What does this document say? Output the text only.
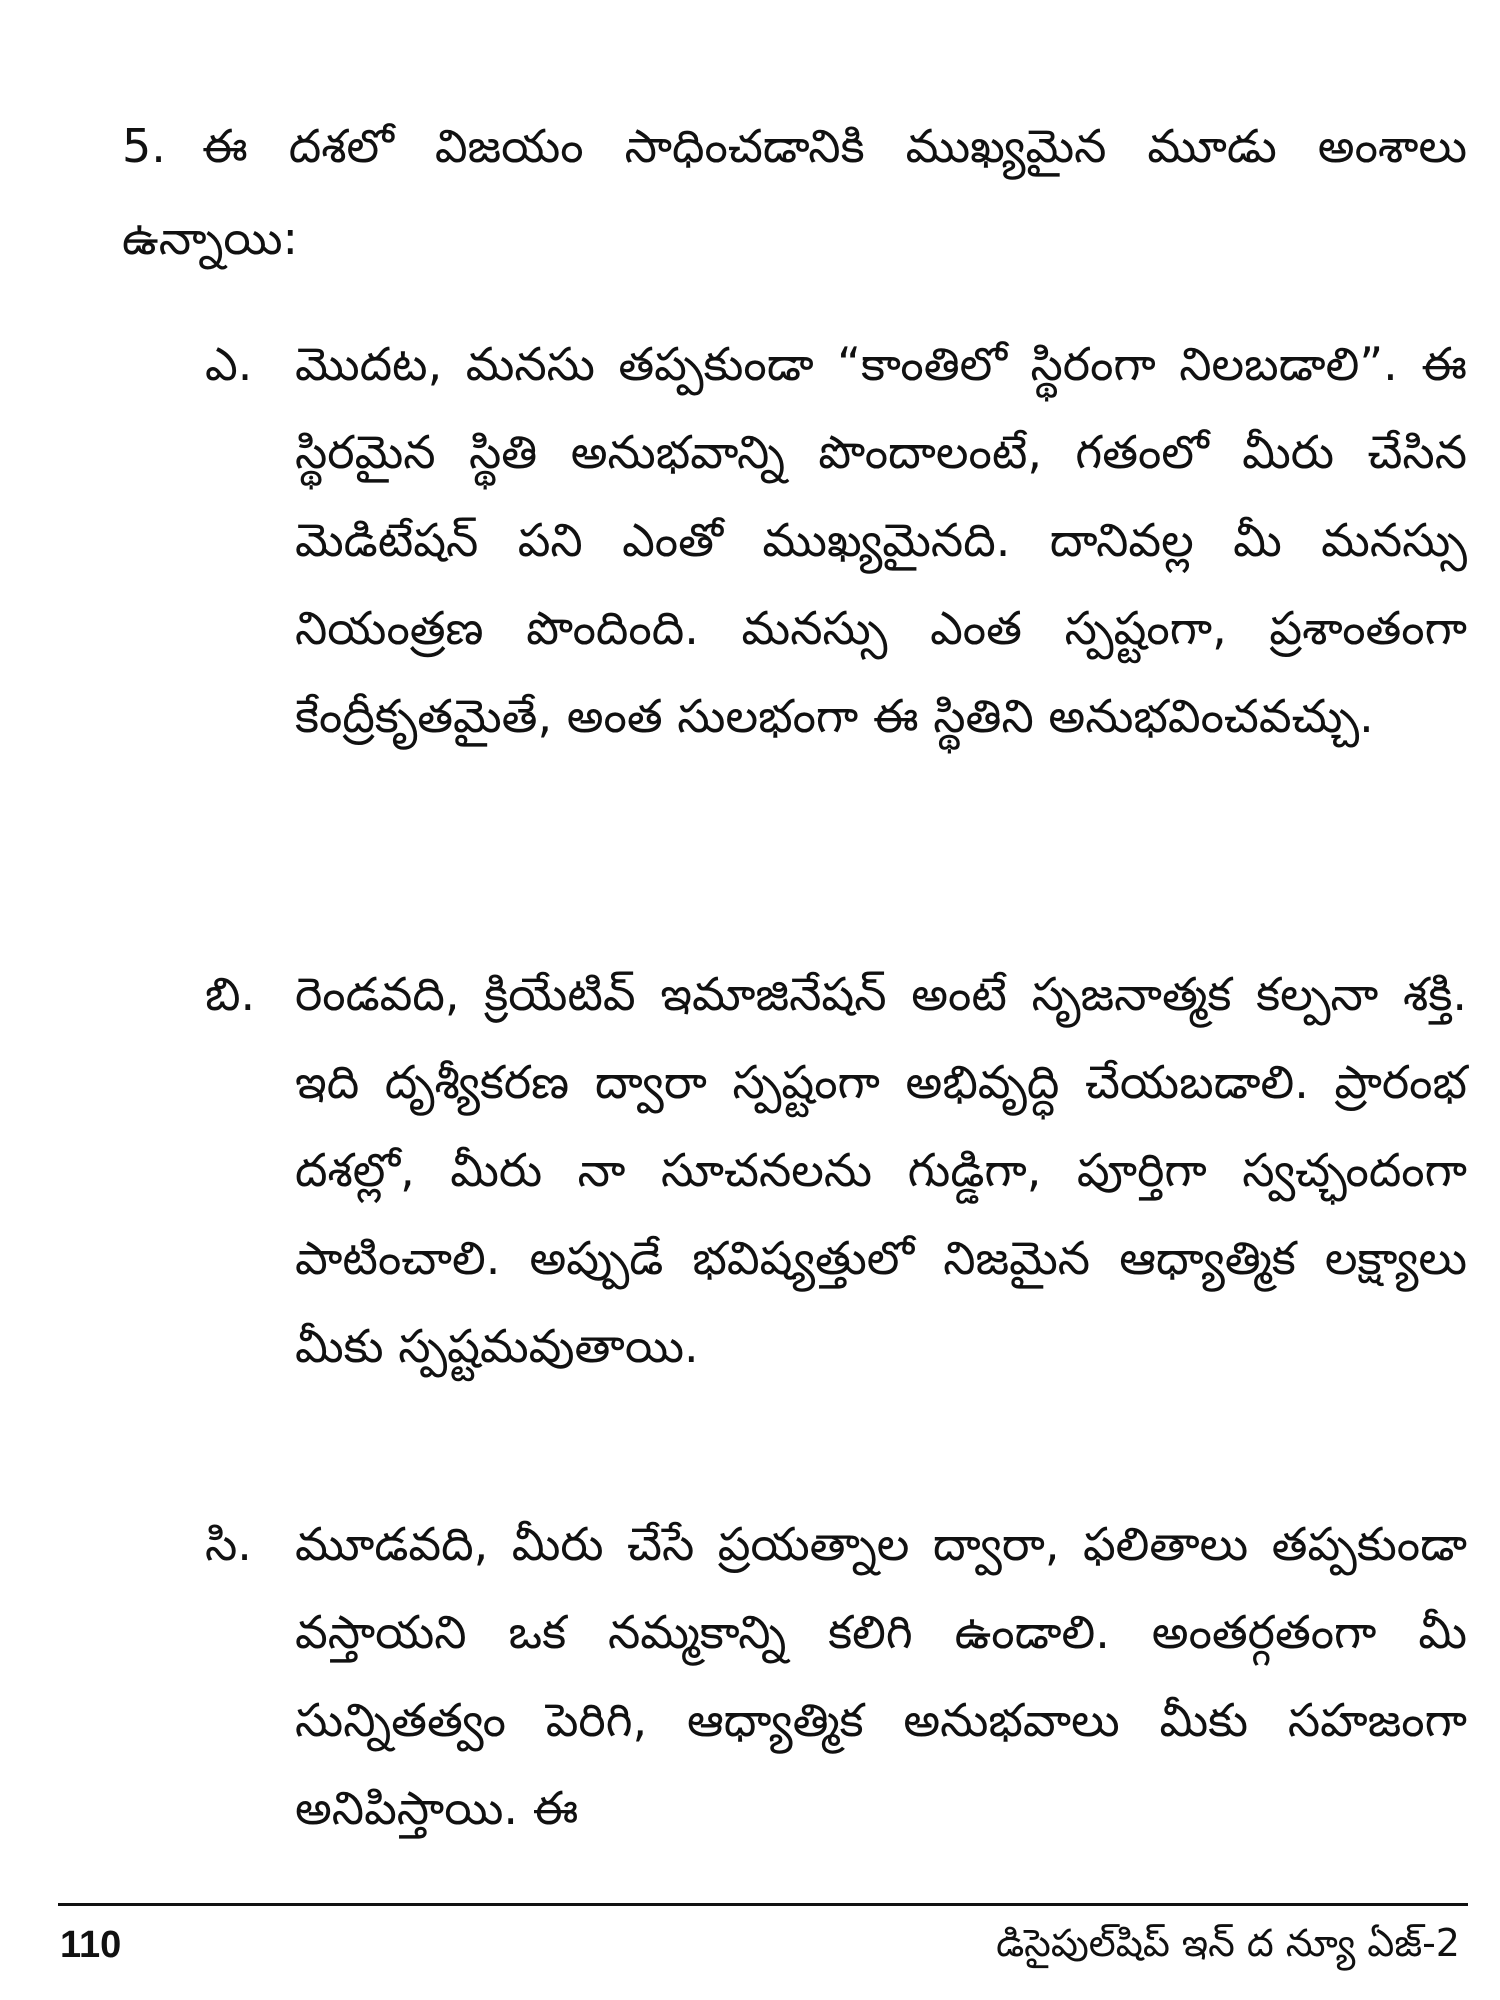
5. ఈ దశలో విజయం సాధించడానికి ముఖ్యమైన మూడు అంశాలు ఉన్నాయి:
ఎ. మొదట, మనసు తప్పకుండా “కాంతిలో స్థిరంగా నిలబడాలి”. ఈ స్థిరమైన స్థితి అనుభవాన్ని పొందాలంటే, గతంలో మీరు చేసిన మెడిటేషన్ పని ఎంతో ముఖ్యమైనది. దానివల్ల మీ మనస్సు నియంత్రణ పొందింది. మనస్సు ఎంత స్పష్టంగా, ప్రశాంతంగా కేంద్రీకృతమైతే, అంత సులభంగా ఈ స్థితిని అనుభవించవచ్చు.
బి. రెండవది, క్రియేటివ్ ఇమాజినేషన్ అంటే సృజనాత్మక కల్పనా శక్తి. ఇది దృశ్యీకరణ ద్వారా స్పష్టంగా అభివృద్ధి చేయబడాలి. ప్రారంభ దశల్లో, మీరు నా సూచనలను గుడ్డిగా, పూర్తిగా స్వచ్ఛందంగా పాటించాలి. అప్పుడే భవిష్యత్తులో నిజమైన ఆధ్యాత్మిక లక్ష్యాలు మీకు స్పష్టమవుతాయి.
సి. మూడవది, మీరు చేసే ప్రయత్నాల ద్వారా, ఫలితాలు తప్పకుండా వస్తాయని ఒక నమ్మకాన్ని కలిగి ఉండాలి. అంతర్గతంగా మీ సున్నితత్వం పెరిగి, ఆధ్యాత్మిక అనుభవాలు మీకు సహజంగా అనిపిస్తాయి. ఈ
110	డిసైపుల్‌షిప్ ఇన్ ద న్యూ ఏజ్-2
